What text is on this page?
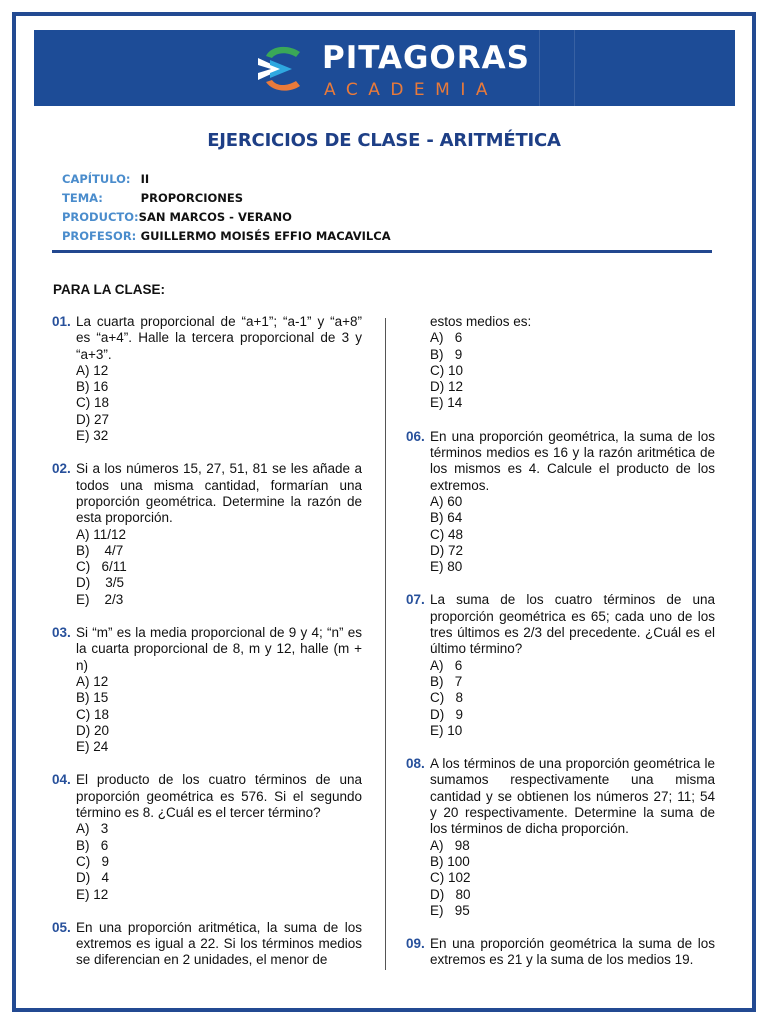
PITAGORAS
ACADEMIA
EJERCICIOS DE CLASE - ARITMÉTICA
CAPÍTULO: II
TEMA:	PROPORCIONES
PRODUCTO: SAN MARCOS - VERANO
PROFESOR: GUILLERMO MOISÉS EFFIO MACAVILCA
PARA LA CLASE:
01. La cuarta proporcional de “a+1”; “a-1” y “a+8” es “a+4”. Halle la tercera proporcional de 3 y “a+3”.
A) 12
B) 16
C) 18
D) 27
E) 32
02. Si a los números 15, 27, 51, 81 se les añade a todos una misma cantidad, formarían una proporción geométrica. Determine la razón de esta proporción.
A) 11/12
B)    4/7
C)   6/11
D)    3/5
E)    2/3
03. Si “m” es la media proporcional de 9 y 4; “n” es la cuarta proporcional de 8, m y 12, halle (m + n)
A) 12
B) 15
C) 18
D) 20
E) 24
04. El producto de los cuatro términos de una proporción geométrica es 576. Si el segundo término es 8. ¿Cuál es el tercer término?
A)   3
B)   6
C)   9
D)   4
E) 12
05. En una proporción aritmética, la suma de los extremos es igual a 22. Si los términos medios se diferencian en 2 unidades, el menor de
estos medios es:
A)   6
B)   9
C) 10
D) 12
E) 14
06. En una proporción geométrica, la suma de los términos medios es 16 y la razón aritmética de los mismos es 4. Calcule el producto de los extremos.
A) 60
B) 64
C) 48
D) 72
E) 80
07. La suma de los cuatro términos de una proporción geométrica es 65; cada uno de los tres últimos es 2/3 del precedente. ¿Cuál es el último término?
A)   6
B)   7
C)   8
D)   9
E) 10
08. A los términos de una proporción geométrica le sumamos respectivamente una misma cantidad y se obtienen los números 27; 11; 54 y 20 respectivamente. Determine la suma de los términos de dicha proporción.
A)   98
B) 100
C) 102
D)   80
E)   95
09. En una proporción geométrica la suma de los extremos es 21 y la suma de los medios 19.
